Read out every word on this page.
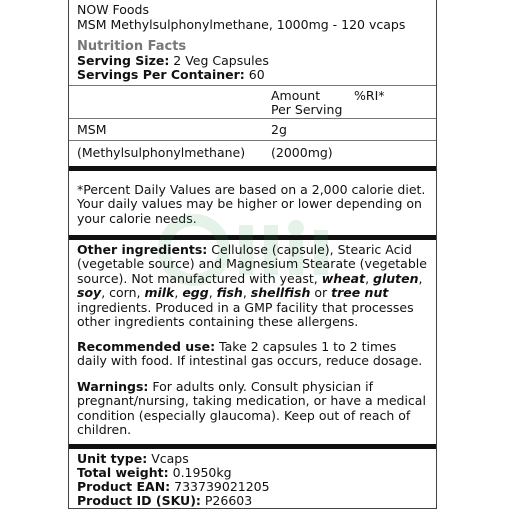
NOW Foods
MSM Methylsulphonylmethane, 1000mg - 120 vcaps
Nutrition Facts
Serving Size: 2 Veg Capsules
Servings Per Container: 60
Amount
Per Serving
%RI*
MSM	2g
(Methylsulphonylmethane) (2000mg)
*Percent Daily Values are based on a 2,000 calorie diet. Your daily values may be higher or lower depending on your calorie needs.
Other ingredients: Cellulose (capsule), Stearic Acid (vegetable source) and Magnesium Stearate (vegetable source). Not manufactured with yeast, wheat, gluten, soy, corn, milk, egg, fish, shellfish or tree nut ingredients. Produced in a GMP facility that processes other ingredients containing these allergens.
Recommended use: Take 2 capsules 1 to 2 times daily with food. If intestinal gas occurs, reduce dosage.
Warnings: For adults only. Consult physician if pregnant/nursing, taking medication, or have a medical condition (especially glaucoma). Keep out of reach of children.
Unit type: Vcaps
Total weight: 0.1950kg
Product EAN: 733739021205
Product ID (SKU): P26603
